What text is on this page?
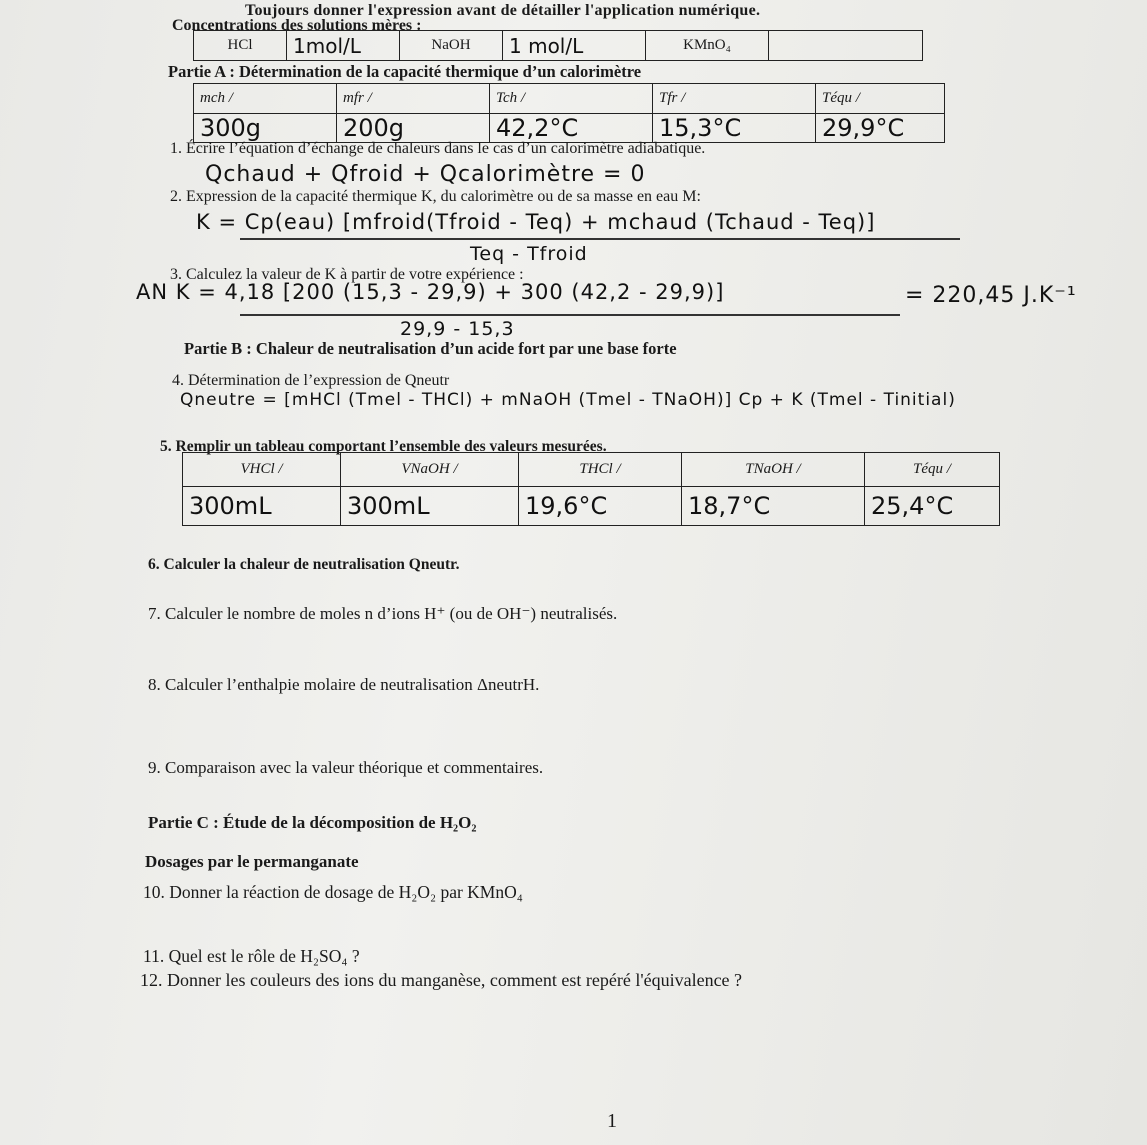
Toujours donner l'expression avant de détailler l'application numérique.
Concentrations des solutions mères :
HCl	1mol/L	NaOH	1 mol/L	KMnO₄	
Partie A : Détermination de la capacité thermique d’un calorimètre
mch /	mfr /	Tch /	Tfr /	Téqu /
300g	200g	42,2°C	15,3°C	29,9°C
1. Écrire l’équation d’échange de chaleurs dans le cas d’un calorimètre adiabatique.
Qchaud + Qfroid + Qcalorimètre = 0
2. Expression de la capacité thermique K, du calorimètre ou de sa masse en eau M:
K = Cp(eau) [mfroid(Tfroid - Teq) + mchaud (Tchaud - Teq)]
Teq - Tfroid
3. Calculez la valeur de K à partir de votre expérience :
AN K = 4,18 [200 (15,3 - 29,9) + 300 (42,2 - 29,9)]
29,9 - 15,3
= 220,45 J.K⁻¹
Partie B : Chaleur de neutralisation d’un acide fort par une base forte
4. Détermination de l’expression de Qneutr
Qneutre = [mHCl (Tmel - THCl) + mNaOH (Tmel - TNaOH)] Cp + K (Tmel - Tinitial)
5. Remplir un tableau comportant l’ensemble des valeurs mesurées.
VHCl /	VNaOH /	THCl /	TNaOH /	Téqu /
300mL	300mL	19,6°C	18,7°C	25,4°C
6. Calculer la chaleur de neutralisation Qneutr.
7. Calculer le nombre de moles n d’ions H⁺ (ou de OH⁻) neutralisés.
8. Calculer l’enthalpie molaire de neutralisation ΔneutrH.
9. Comparaison avec la valeur théorique et commentaires.
Partie C : Étude de la décomposition de H₂O₂
Dosages par le permanganate
10. Donner la réaction de dosage de H₂O₂ par KMnO₄
11. Quel est le rôle de H₂SO₄ ?
12. Donner les couleurs des ions du manganèse, comment est repéré l'équivalence ?
1
